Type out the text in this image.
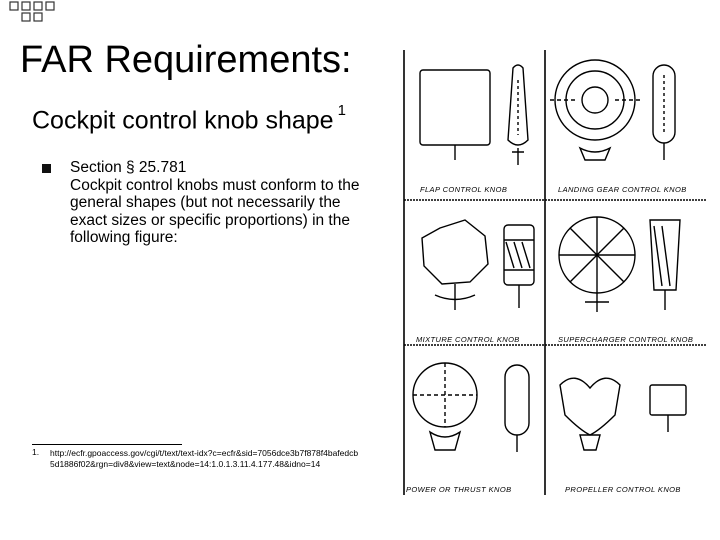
FAR Requirements:
Cockpit control knob shape $^1$
Section § 25.781
Cockpit control knobs must conform to the general shapes (but not necessarily the exact sizes or specific proportions) in the following figure:
1. http://ecfr.gpoaccess.gov/cgi/t/text/text-idx?c=ecfr&sid=7056dce3b7f878f4bafedcb5d1886f02&rgn=div8&view=text&node=14:1.0.1.3.11.4.177.48&idno=14
FLAP CONTROL KNOB	LANDING GEAR CONTROL KNOB
MIXTURE CONTROL KNOB	SUPERCHARGER CONTROL KNOB
POWER OR THRUST KNOB	PROPELLER CONTROL KNOB
